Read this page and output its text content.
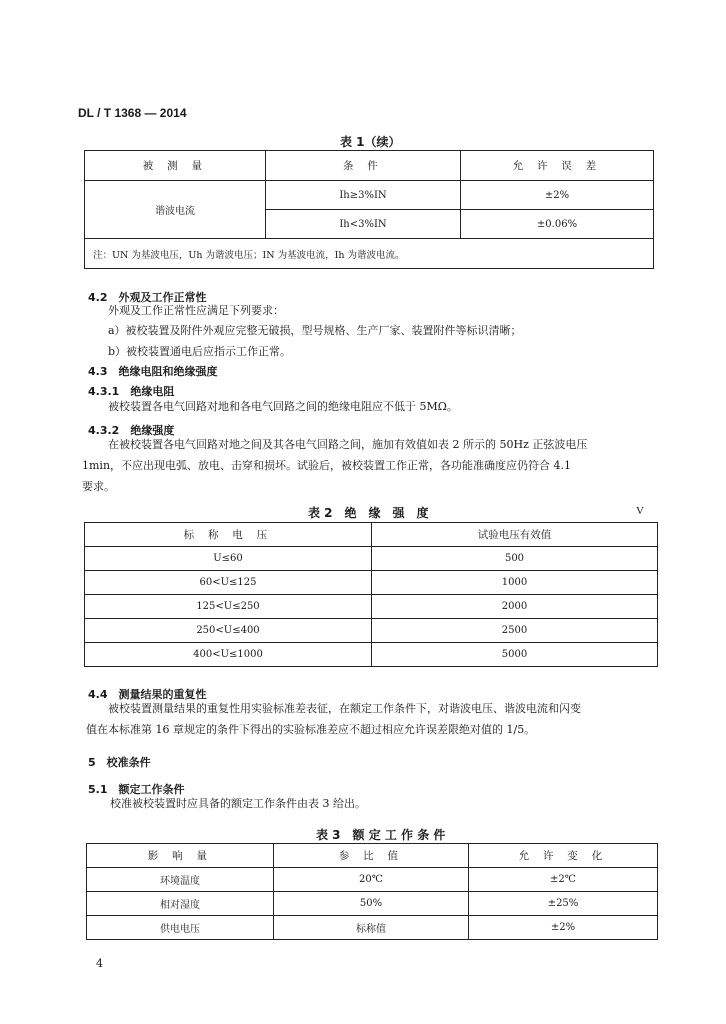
DL / T 1368 — 2014
表 1（续）
被 测 量	条 件	允 许 误 差
谐波电流	Ih≥3%IN	±2%
	Ih<3%IN	±0.06%
注：UN 为基波电压，Uh 为谐波电压；IN 为基波电流，Ih 为谐波电流。		
4.2　外观及工作正常性
外观及工作正常性应满足下列要求：
a）被校装置及附件外观应完整无破损，型号规格、生产厂家、装置附件等标识清晰；
b）被校装置通电后应指示工作正常。
4.3　绝缘电阻和绝缘强度
4.3.1　绝缘电阻
被校装置各电气回路对地和各电气回路之间的绝缘电阻应不低于 5MΩ。
4.3.2　绝缘强度
在被校装置各电气回路对地之间及其各电气回路之间，施加有效值如表 2 所示的 50Hz 正弦波电压
1min，不应出现电弧、放电、击穿和损坏。试验后，被校装置工作正常，各功能准确度应仍符合 4.1
要求。
表 2　绝　缘　强　度	V
标 称 电 压	试验电压有效值
U≤60	500
60<U≤125	1000
125<U≤250	2000
250<U≤400	2500
400<U≤1000	5000
4.4　测量结果的重复性
被校装置测量结果的重复性用实验标准差表征，在额定工作条件下，对谐波电压、谐波电流和闪变
值在本标准第 16 章规定的条件下得出的实验标准差应不超过相应允许误差限绝对值的 1/5。
5　校准条件
5.1　额定工作条件
校准被校装置时应具备的额定工作条件由表 3 给出。
表 3　额 定 工 作 条 件
影 响 量	参 比 值	允 许 变 化
环境温度	20℃	±2℃
相对湿度	50%	±25%
供电电压	标称值	±2%
4
